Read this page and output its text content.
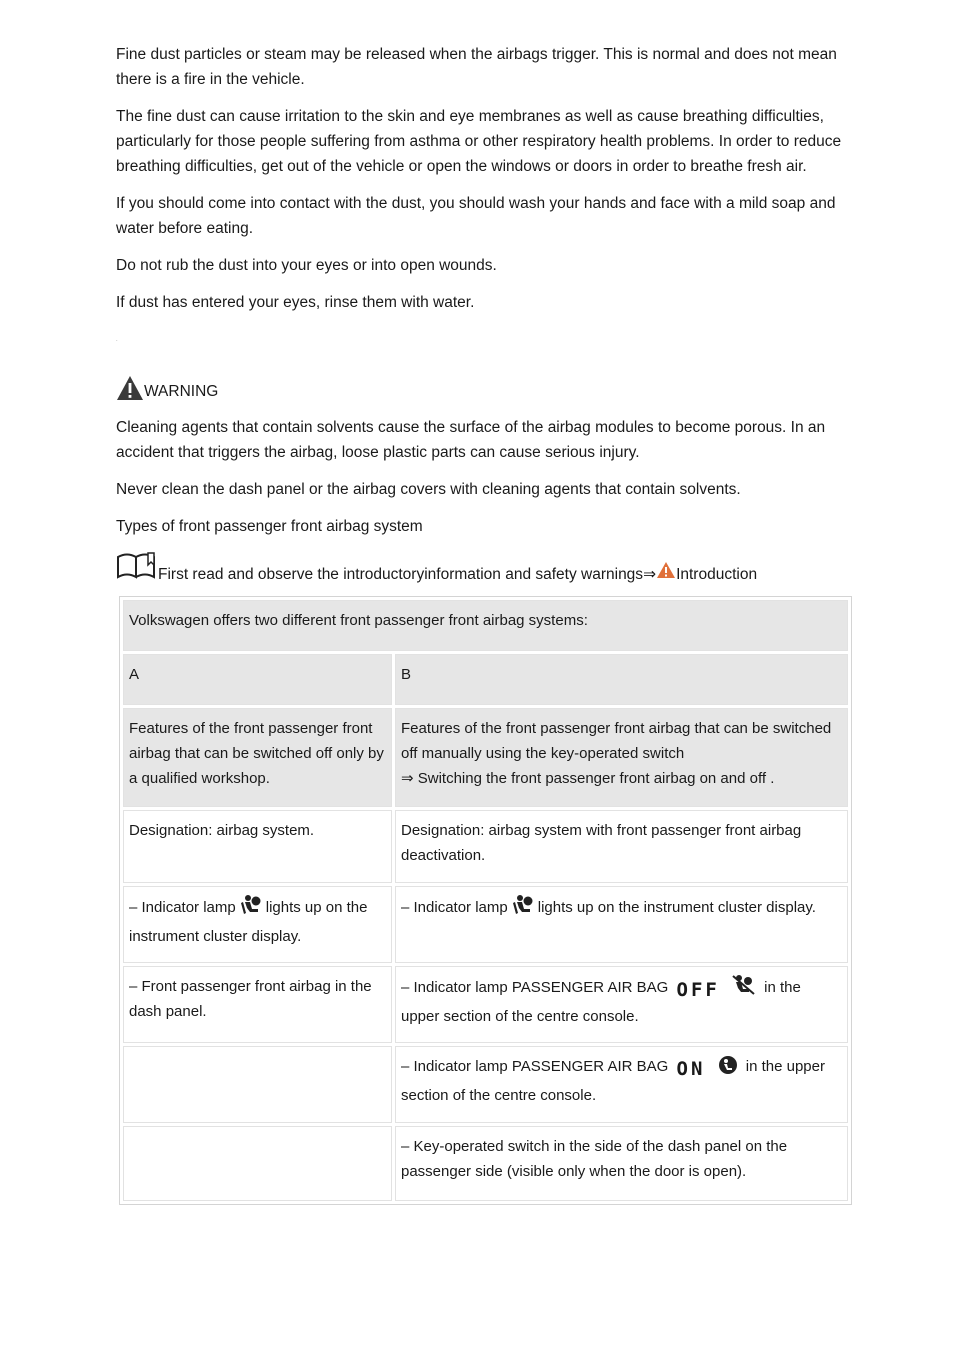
Fine dust particles or steam may be released when the airbags trigger. This is normal and does not mean there is a fire in the vehicle.

The fine dust can cause irritation to the skin and eye membranes as well as cause breathing difficulties, particularly for those people suffering from asthma or other respiratory health problems. In order to reduce breathing difficulties, get out of the vehicle or open the windows or doors in order to breathe fresh air.

If you should come into contact with the dust, you should wash your hands and face with a mild soap and water before eating.

Do not rub the dust into your eyes or into open wounds.

If dust has entered your eyes, rinse them with water.

.
WARNING

Cleaning agents that contain solvents cause the surface of the airbag modules to become porous. In an accident that triggers the airbag, loose plastic parts can cause serious injury.

Never clean the dash panel or the airbag covers with cleaning agents that contain solvents.

Types of front passenger front airbag system

First read and observe the introductoryinformation and safety warnings ⇒ Introduction
Volkswagen offers two different front passenger front airbag systems:	
A	B
Features of the front passenger front airbag that can be switched off only by a qualified workshop.	Features of the front passenger front airbag that can be switched off manually using the key-operated switch
⇒ Switching the front passenger front airbag on and off .
Designation: airbag system.	Designation: airbag system with front passenger front airbag deactivation.
– Indicator lamp lights up on the instrument cluster display.	– Indicator lamp lights up on the instrument cluster display.
– Front passenger front airbag in the dash panel.	– Indicator lamp PASSENGER AIR BAG OFF in the upper section of the centre console.
	– Indicator lamp PASSENGER AIR BAG ON in the upper section of the centre console.
	– Key-operated switch in the side of the dash panel on the passenger side (visible only when the door is open).
